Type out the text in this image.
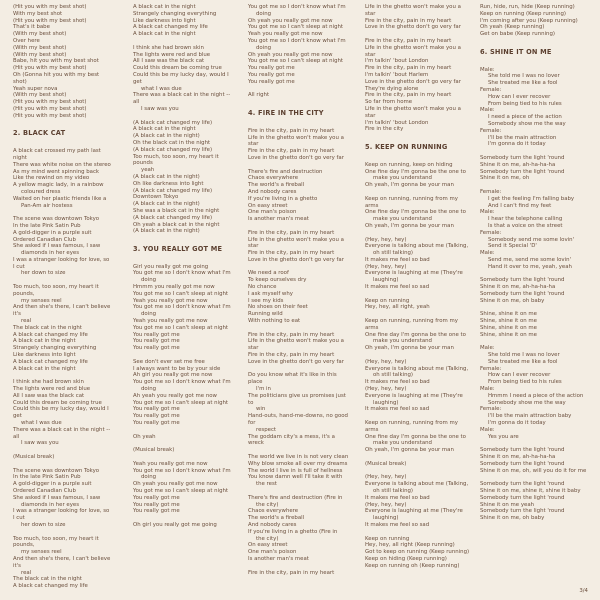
(Hit you with my best shot)
With my best shot
(Hit you with my best shot)
That's it babe
(With my best shot)
Over here
(With my best shot)
(With my best shot)
Babe, hit you with my best shot
(Hit you with my best shot)
Oh (Gonna hit you with my best shot)
Yeah super nova
(With my best shot)
(Hit you with my best shot)
(Hit you with my best shot)
(Hit you with my best shot)
2. BLACK CAT
A black cat crossed my path last night
There was white noise on the stereo
As my mind went spinning back
Like the rewind on my video
A yellow magic lady, in a rainbow
coloured dress
Waited on her plastic friends like a
Pan-Am air hostess
The scene was downtown Tokyo
In the late Pink Satin Pub
A gold-digger in a purple suit
Ordered Canadian Club
She asked if I was famous, I saw
diamonds in her eyes
I was a stranger looking for love, so I cut
her down to size
Too much, too soon, my heart it pounds,
my senses reel
And then she's there, I can't believe it's
real
The black cat in the night
A black cat changed my life
A black cat in the night
Strangely changing everything
Like darkness into light
A black cat changed my life
A black cat in the night
I think she had brown skin
The lights were red and blue
All I saw was the black cat
Could this dream be coming true
Could this be my lucky day, would I get
what I was due
There was a black cat in the night -- all
I saw was you
(Musical break)
The scene was downtown Tokyo
In the late Pink Satin Pub
A gold-digger in a purple suit
Ordered Canadian Club
She asked if I was famous, I saw
diamonds in her eyes
I was a stranger looking for love, so I cut
her down to size
Too much, too soon, my heart it pounds,
my senses reel
And then she's there, I can't believe it's
real
The black cat in the night
A black cat changed my life
A black cat in the night
Strangely changing everything
Like darkness into light
A black cat changed my life
A black cat in the night
I think she had brown skin
The lights were red and blue
All I saw was the black cat
Could this dream be coming true
Could this be my lucky day, would I get
what I was due
There was a black cat in the night -- all
I saw was you
(A black cat changed my life)
A black cat in the night
(A black cat in the night)
Oh the black cat in the night
(A black cat changed my life)
Too much, too soon, my heart it pounds
yeah
(A black cat in the night)
Oh like darkness into light
(A black cat changed my life)
Downtown Tokyo
(A black cat in the night)
She was a black cat in the night
(A black cat changed my life)
Oh yeah a black cat in the night
(A black cat in the night)
3. YOU REALLY GOT ME
Girl you really got me going
You got me so I don't know what I'm
doing
Hmmm you really got me now
You got me so I can't sleep at night
Yeah you really got me now
You got me so I don't know what I'm
doing
Yeah you really got me now
You got me so I can't sleep at night
You really got me
You really got me
You really got me
See don't ever set me free
I always want to be by your side
Ah girl you really got me now
You got me so I don't know what I'm
doing
Ah yeah you really got me now
You got me so I can't sleep at night
You really got me
You really got me
You really got me
Oh yeah
(Musical break)
Yeah you really got me now
You got me so I don't know what I'm
doing
Oh yeah you really got me now
You got me so I can't sleep at night
You really got me
You really got me
You really got me
Oh girl you really got me going
You got me so I don't know what I'm
doing
Oh yeah you really got me now
You got me so I can't sleep at night
Yeah you really got me now
You got me so I don't know what I'm
doing
Oh yeah you really got me now
You got me so I can't sleep at night
You really got me
You really got me
You really got me
All right
4. FIRE IN THE CITY
Fire in the city, pain in my heart
Life in the ghetto won't make you a star
Fire in the city, pain in my heart
Love in the ghetto don't go very far
There's fire and destruction
Chaos everywhere
The world's a fireball
And nobody cares
If you're living in a ghetto
On easy street
One man's poison
Is another man's meat
Fire in the city, pain in my heart
Life in the ghetto won't make you a star
Fire in the city, pain in my heart
Love in the ghetto don't go very far
We need a roof
To keep ourselves dry
No chance
I ask myself why
I see my kids
No shoes on their feet
Running wild
With nothing to eat
Fire in the city, pain in my heart
Life in the ghetto won't make you a star
Fire in the city, pain in my heart
Love in the ghetto don't go very far
Do you know what it's like in this place
I'm in
The politicians give us promises just to
win
Hand-outs, hand-me-downs, no good for
respect
The goddam city's a mess, it's a wreck
The world we live in is not very clean
Why blow smoke all over my dreams
The world I live in is full of hellness
You know damn well I'll take it with
the rest
There's fire and destruction (Fire in
the city)
Chaos everywhere
The world's a fireball
And nobody cares
If you're living in a ghetto (Fire in
the city)
On easy street
One man's poison
Is another man's meat
Fire in the city, pain in my heart
Life in the ghetto won't make you a star
Fire in the city, pain in my heart
Love in the ghetto don't go very far
Fire in the city, pain in my heart
Life in the ghetto won't make you a star
I'm talkin' 'bout London
Fire in the city, pain in my heart
I'm talkin' 'bout Harlem
Love in the ghetto don't go very far
They're dying alone
Fire in the city, pain in my heart
So far from home
Life in the ghetto won't make you a star
I'm talkin' 'bout London
Fire in the city
5. KEEP ON RUNNING
Keep on running, keep on hiding
One fine day I'm gonna be the one to
make you understand
Oh yeah, I'm gonna be your man
Keep on running, running from my arms
One fine day I'm gonna be the one to
make you understand
Oh yeah, I'm gonna be your man
(Hey, hey, hey)
Everyone is talking about me (Talking,
oh still talking)
It makes me feel so bad
(Hey, hey, hey)
Everyone is laughing at me (They're
laughing)
It makes me feel so sad
Keep on running
Hey, hey, all right, yeah
Keep on running, running from my arms
One fine day I'm gonna be the one to
make you understand
Oh yeah, I'm gonna be your man
(Hey, hey, hey)
Everyone is talking about me (Talking,
oh still talking)
It makes me feel so bad
(Hey, hey, hey)
Everyone is laughing at me (They're
laughing)
It makes me feel so sad
Keep on running, running from my arms
One fine day I'm gonna be the one to
make you understand
Oh yeah, I'm gonna be your man
(Musical break)
(Hey, hey, hey)
Everyone is talking about me (Talking,
oh still talking)
It makes me feel so bad
(Hey, hey, hey)
Everyone is laughing at me (They're
laughing)
It makes me feel so sad
Keep on running
Hey, hey, all right (Keep running)
Got to keep on running (Keep running)
Keep on hiding (Keep running)
Keep on running oh (Keep running)
Run, hide, run, hide (Keep running)
Keep on running (Keep running)
I'm coming after you (Keep running)
Oh yeah (Keep running)
Get on babe (Keep running)
6. SHINE IT ON ME
Male:
She told me I was no lover
She treated me like a fool
Female:
How can I ever recover
From being tied to his rules
Male:
I need a piece of the action
Somebody show me the way
Female:
I'll be the main attraction
I'm gonna do it today
Somebody turn the light 'round
Shine it on me, ah-ha-ha-ha
Somebody turn the light 'round
Shine it on me, oh
Female:
I get the feeling I'm falling baby
And I can't find my feet
Male:
I hear the telephone calling
Is that a voice on the street
Female:
Somebody send me some lovin'
Send it Special 'D'
Male:
Send me, send me some lovin'
Hand it over to me, yeah, yeah
Somebody turn the light 'round
Shine it on me, ah-ha-ha-ha
Somebody turn the light 'round
Shine it on me, oh baby
Shine, shine it on me
Shine, shine it on me
Shine, shine it on me
Shine, shine it on me
Male:
She told me I was no lover
She treated me like a fool
Female:
How can I ever recover
From being tied to his rules
Male:
Hmmm I need a piece of the action
Somebody show me the way
Female:
I'll be the main attraction baby
I'm gonna do it today
Male:
Yes you are
Somebody turn the light 'round
Shine it on me, ah-ha-ha-ha
Somebody turn the light 'round
Shine it on me, oh, will you do it for me
Somebody turn the light 'round
Shine it on me, shine it, shine it baby
Somebody turn the light 'round
Shine it on me yeah
Somebody turn the light 'round
Shine it on me, oh baby
3/4
